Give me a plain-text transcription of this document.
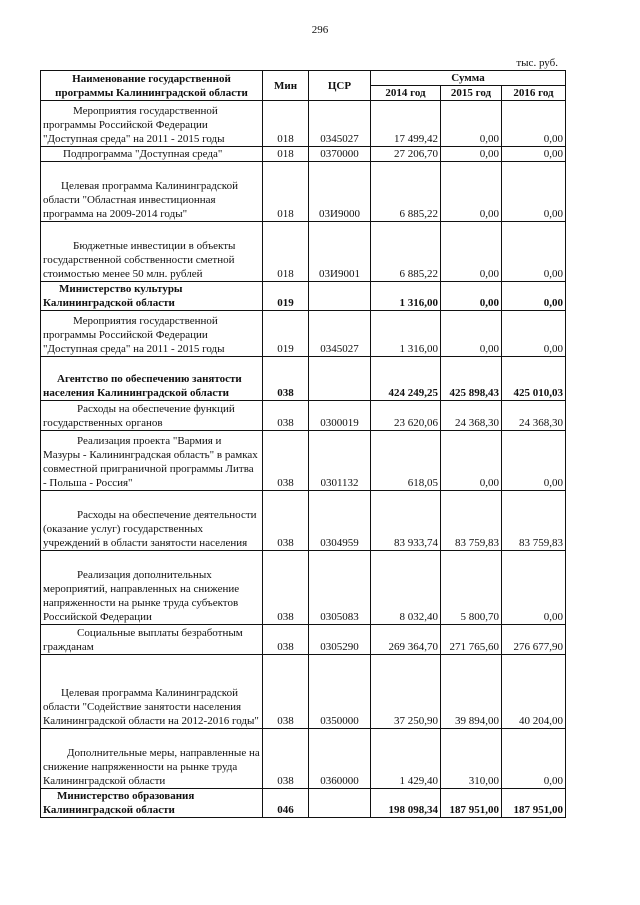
296
тыс. руб.
Наименование государственной программы Калининградской области	Мин	ЦСР	Сумма		
			2014 год	2015 год	2016 год
Мероприятия государственной программы Российской Федерации "Доступная среда" на 2011 - 2015 годы	018	0345027	17 499,42	0,00	0,00
Подпрограмма "Доступная среда"	018	0370000	27 206,70	0,00	0,00
Целевая программа Калининградской области "Областная инвестиционная программа на 2009-2014 годы"	018	03И9000	6 885,22	0,00	0,00
Бюджетные инвестиции в объекты государственной собственности сметной стоимостью менее 50 млн. рублей	018	03И9001	6 885,22	0,00	0,00
Министерство культуры Калининградской области	019		1 316,00	0,00	0,00
Мероприятия государственной программы Российской Федерации "Доступная среда" на 2011 - 2015 годы	019	0345027	1 316,00	0,00	0,00
Агентство по обеспечению занятости населения Калининградской области	038		424 249,25	425 898,43	425 010,03
Расходы на обеспечение функций государственных органов	038	0300019	23 620,06	24 368,30	24 368,30
Реализация проекта "Вармия и Мазуры - Калининградская область" в рамках совместной приграничной программы Литва - Польша - Россия"	038	0301132	618,05	0,00	0,00
Расходы на обеспечение деятельности (оказание услуг) государственных учреждений в области занятости населения	038	0304959	83 933,74	83 759,83	83 759,83
Реализация дополнительных мероприятий, направленных на снижение напряженности на рынке труда субъектов Российской Федерации	038	0305083	8 032,40	5 800,70	0,00
Социальные выплаты безработным гражданам	038	0305290	269 364,70	271 765,60	276 677,90
Целевая программа Калининградской области "Содействие занятости населения Калининградской области на 2012-2016 годы"	038	0350000	37 250,90	39 894,00	40 204,00
Дополнительные меры, направленные на снижение напряженности на рынке труда Калининградской области	038	0360000	1 429,40	310,00	0,00
Министерство образования Калининградской области	046		198 098,34	187 951,00	187 951,00
